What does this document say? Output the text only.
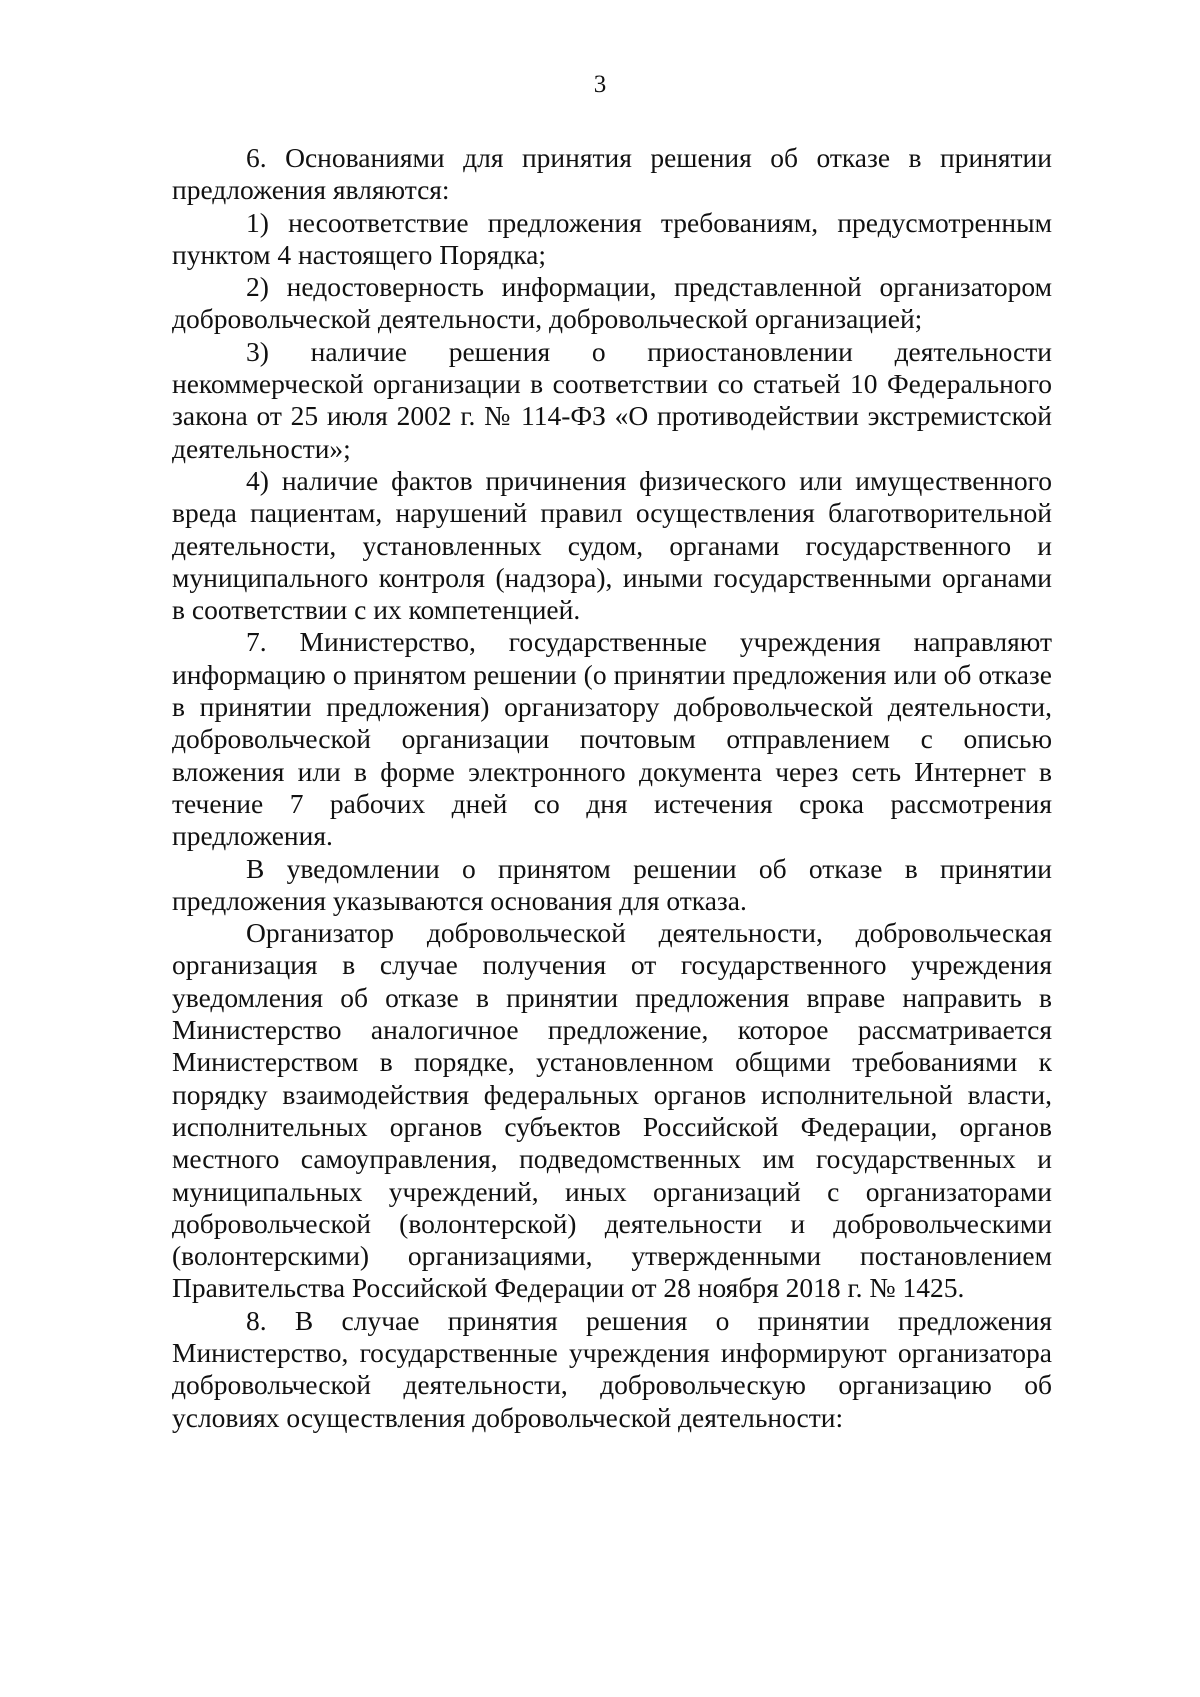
3

6. Основаниями для принятия решения об отказе в принятии предложения являются:

1) несоответствие предложения требованиям, предусмотренным пунктом 4 настоящего Порядка;

2) недостоверность информации, представленной организатором добровольческой деятельности, добровольческой организацией;

3) наличие решения о приостановлении деятельности некоммерческой организации в соответствии со статьей 10 Федерального закона от 25 июля 2002 г. № 114-ФЗ «О противодействии экстремистской деятельности»;

4) наличие фактов причинения физического или имущественного вреда пациентам, нарушений правил осуществления благотворительной деятельности, установленных судом, органами государственного и муниципального контроля (надзора), иными государственными органами в соответствии с их компетенцией.

7. Министерство, государственные учреждения направляют информацию о принятом решении (о принятии предложения или об отказе в принятии предложения) организатору добровольческой деятельности, добровольческой организации почтовым отправлением с описью вложения или в форме электронного документа через сеть Интернет в течение 7 рабочих дней со дня истечения срока рассмотрения предложения.

В уведомлении о принятом решении об отказе в принятии предложения указываются основания для отказа.

Организатор добровольческой деятельности, добровольческая организация в случае получения от государственного учреждения уведомления об отказе в принятии предложения вправе направить в Министерство аналогичное предложение, которое рассматривается Министерством в порядке, установленном общими требованиями к порядку взаимодействия федеральных органов исполнительной власти, исполнительных органов субъектов Российской Федерации, органов местного самоуправления, подведомственных им государственных и муниципальных учреждений, иных организаций с организаторами добровольческой (волонтерской) деятельности и добровольческими (волонтерскими) организациями, утвержденными постановлением Правительства Российской Федерации от 28 ноября 2018 г. № 1425.

8. В случае принятия решения о принятии предложения Министерство, государственные учреждения информируют организатора добровольческой деятельности, добровольческую организацию об условиях осуществления добровольческой деятельности:
